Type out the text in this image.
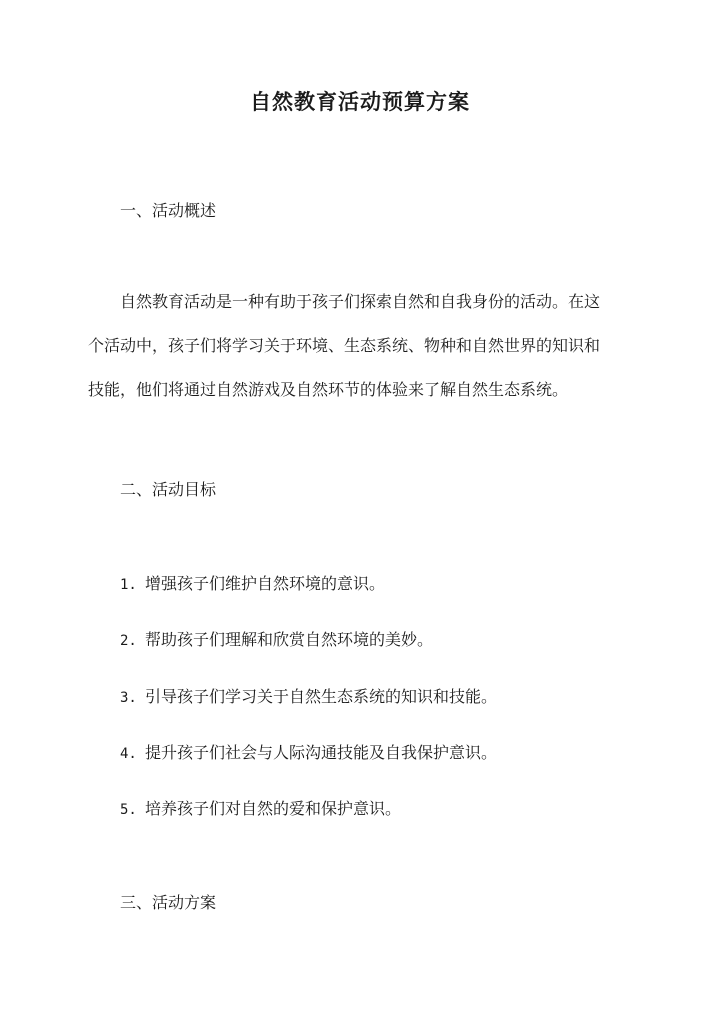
自然教育活动预算方案
一、活动概述
自然教育活动是一种有助于孩子们探索自然和自我身份的活动。在这
个活动中，孩子们将学习关于环境、生态系统、物种和自然世界的知识和
技能，他们将通过自然游戏及自然环节的体验来了解自然生态系统。
二、活动目标
1. 增强孩子们维护自然环境的意识。
2. 帮助孩子们理解和欣赏自然环境的美妙。
3. 引导孩子们学习关于自然生态系统的知识和技能。
4. 提升孩子们社会与人际沟通技能及自我保护意识。
5. 培养孩子们对自然的爱和保护意识。
三、活动方案
